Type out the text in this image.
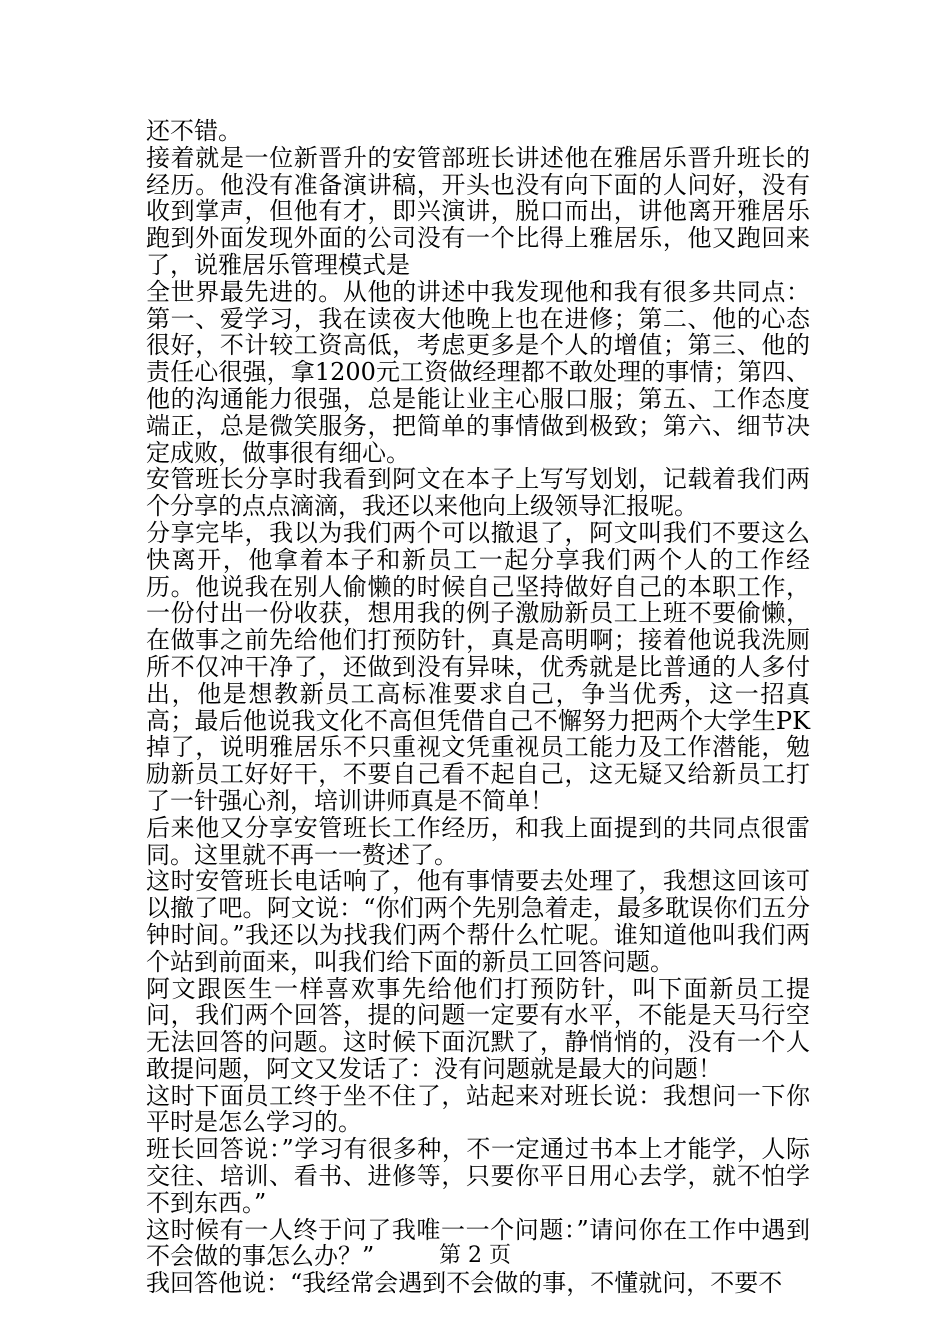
还不错。

接着就是一位新晋升的安管部班长讲述他在雅居乐晋升班长的经历。他没有准备演讲稿，开头也没有向下面的人问好，没有收到掌声，但他有才，即兴演讲，脱口而出，讲他离开雅居乐跑到外面发现外面的公司没有一个比得上雅居乐，他又跑回来了，说雅居乐管理模式是

全世界最先进的。从他的讲述中我发现他和我有很多共同点：第一、爱学习，我在读夜大他晚上也在进修；第二、他的心态很好，不计较工资高低，考虑更多是个人的增值；第三、他的责任心很强，拿1200元工资做经理都不敢处理的事情；第四、他的沟通能力很强，总是能让业主心服口服；第五、工作态度端正，总是微笑服务，把简单的事情做到极致；第六、细节决定成败，做事很有细心。

安管班长分享时我看到阿文在本子上写写划划，记载着我们两个分享的点点滴滴，我还以来他向上级领导汇报呢。

分享完毕，我以为我们两个可以撤退了，阿文叫我们不要这么快离开，他拿着本子和新员工一起分享我们两个人的工作经历。他说我在别人偷懒的时候自己坚持做好自己的本职工作，一份付出一份收获，想用我的例子激励新员工上班不要偷懒，在做事之前先给他们打预防针，真是高明啊；接着他说我洗厕所不仅冲干净了，还做到没有异味，优秀就是比普通的人多付出，他是想教新员工高标准要求自己，争当优秀，这一招真高；最后他说我文化不高但凭借自己不懈努力把两个大学生PK掉了，说明雅居乐不只重视文凭重视员工能力及工作潜能，勉励新员工好好干，不要自己看不起自己，这无疑又给新员工打了一针强心剂，培训讲师真是不简单！

后来他又分享安管班长工作经历，和我上面提到的共同点很雷同。这里就不再一一赘述了。

这时安管班长电话响了，他有事情要去处理了，我想这回该可以撤了吧。阿文说：“你们两个先别急着走，最多耽误你们五分钟时间。”我还以为找我们两个帮什么忙呢。谁知道他叫我们两个站到前面来，叫我们给下面的新员工回答问题。

阿文跟医生一样喜欢事先给他们打预防针，叫下面新员工提问，我们两个回答，提的问题一定要有水平，不能是天马行空无法回答的问题。这时候下面沉默了，静悄悄的，没有一个人敢提问题，阿文又发话了：没有问题就是最大的问题！

这时下面员工终于坐不住了，站起来对班长说：我想问一下你平时是怎么学习的。

班长回答说：”学习有很多种，不一定通过书本上才能学，人际交往、培训、看书、进修等，只要你平日用心去学，就不怕学不到东西。”

这时候有一人终于问了我唯一一个问题：”请问你在工作中遇到不会做的事怎么办？”

我回答他说：“我经常会遇到不会做的事，不懂就问，不要不

第 2 页
